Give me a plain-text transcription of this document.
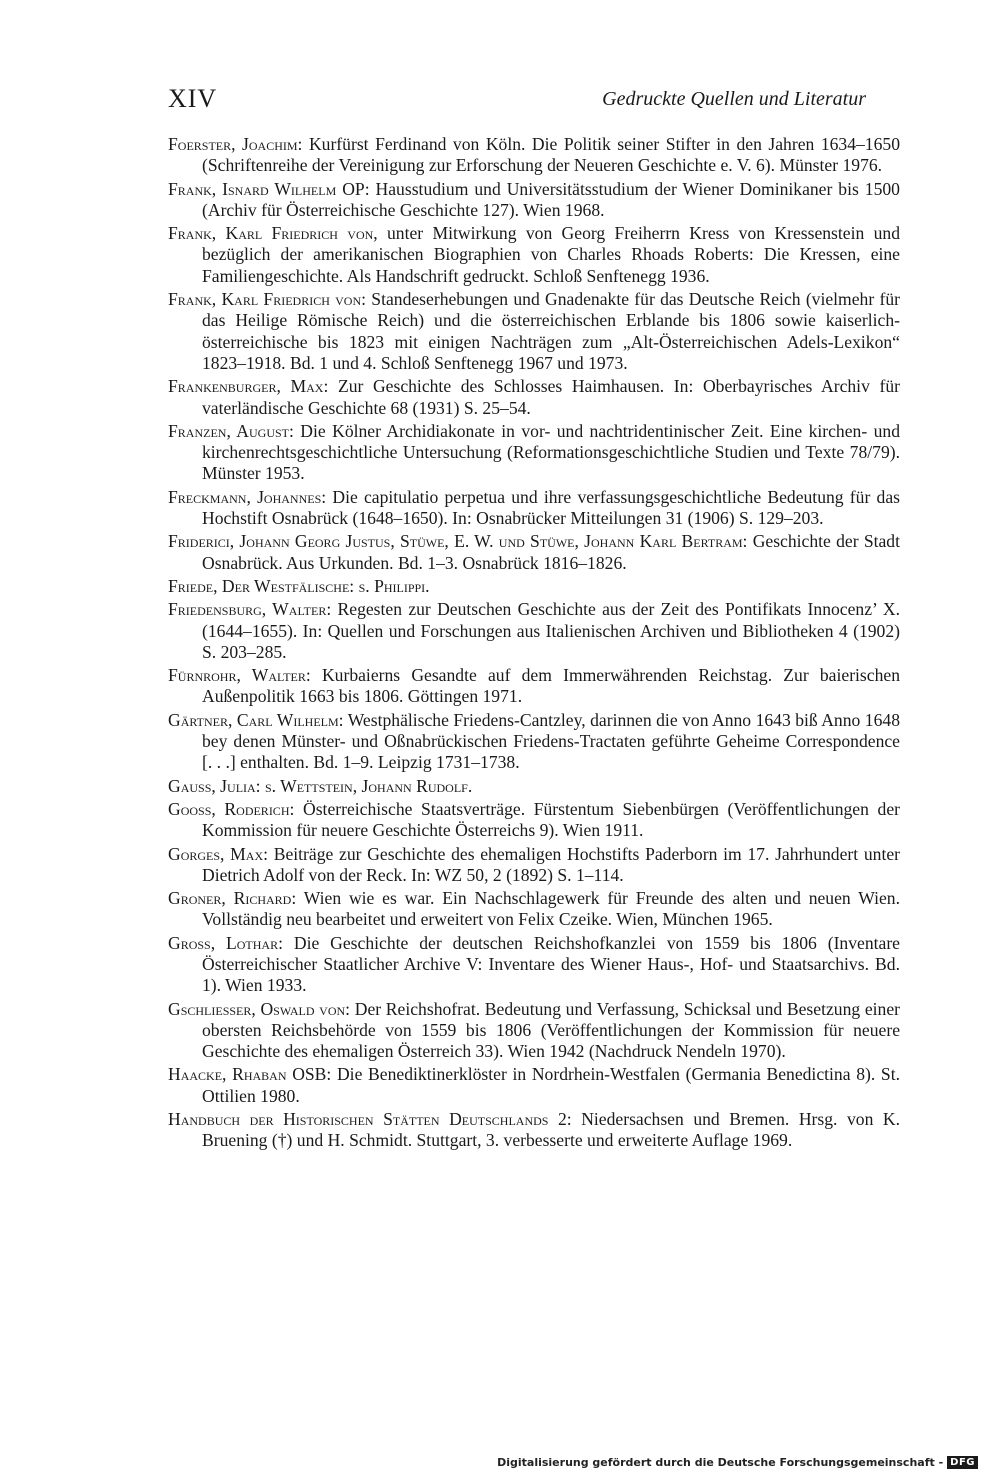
XIV	Gedruckte Quellen und Literatur

Foerster, Joachim: Kurfürst Ferdinand von Köln. Die Politik seiner Stifter in den Jahren 1634–1650 (Schriftenreihe der Vereinigung zur Erforschung der Neueren Geschichte e. V. 6). Münster 1976.

Frank, Isnard Wilhelm OP: Hausstudium und Universitätsstudium der Wiener Dominikaner bis 1500 (Archiv für Österreichische Geschichte 127). Wien 1968.

Frank, Karl Friedrich von, unter Mitwirkung von Georg Freiherrn Kress von Kressenstein und bezüglich der amerikanischen Biographien von Charles Rhoads Roberts: Die Kressen, eine Familiengeschichte. Als Handschrift gedruckt. Schloß Senftenegg 1936.

Frank, Karl Friedrich von: Standeserhebungen und Gnadenakte für das Deutsche Reich (vielmehr für das Heilige Römische Reich) und die österreichischen Erblande bis 1806 sowie kaiserlich-österreichische bis 1823 mit einigen Nachträgen zum „Alt-Österreichischen Adels-Lexikon“ 1823–1918. Bd. 1 und 4. Schloß Senftenegg 1967 und 1973.

Frankenburger, Max: Zur Geschichte des Schlosses Haimhausen. In: Oberbayrisches Archiv für vaterländische Geschichte 68 (1931) S. 25–54.

Franzen, August: Die Kölner Archidiakonate in vor- und nachtridentinischer Zeit. Eine kirchen- und kirchenrechtsgeschichtliche Untersuchung (Reformationsgeschichtliche Studien und Texte 78/79). Münster 1953.

Freckmann, Johannes: Die capitulatio perpetua und ihre verfassungsgeschichtliche Bedeutung für das Hochstift Osnabrück (1648–1650). In: Osnabrücker Mitteilungen 31 (1906) S. 129–203.

Friderici, Johann Georg Justus, Stüwe, E. W. und Stüwe, Johann Karl Bertram: Geschichte der Stadt Osnabrück. Aus Urkunden. Bd. 1–3. Osnabrück 1816–1826.

Friede, Der Westfälische: s. Philippi.

Friedensburg, Walter: Regesten zur Deutschen Geschichte aus der Zeit des Pontifikats Innocenz’ X. (1644–1655). In: Quellen und Forschungen aus Italienischen Archiven und Bibliotheken 4 (1902) S. 203–285.

Fürnrohr, Walter: Kurbaierns Gesandte auf dem Immerwährenden Reichstag. Zur baierischen Außenpolitik 1663 bis 1806. Göttingen 1971.

Gärtner, Carl Wilhelm: Westphälische Friedens-Cantzley, darinnen die von Anno 1643 biß Anno 1648 bey denen Münster- und Oßnabrückischen Friedens-Tractaten geführte Geheime Correspondence [. . .] enthalten. Bd. 1–9. Leipzig 1731–1738.

Gauss, Julia: s. Wettstein, Johann Rudolf.

Gooss, Roderich: Österreichische Staatsverträge. Fürstentum Siebenbürgen (Veröffentlichungen der Kommission für neuere Geschichte Österreichs 9). Wien 1911.

Gorges, Max: Beiträge zur Geschichte des ehemaligen Hochstifts Paderborn im 17. Jahrhundert unter Dietrich Adolf von der Reck. In: WZ 50, 2 (1892) S. 1–114.

Groner, Richard: Wien wie es war. Ein Nachschlagewerk für Freunde des alten und neuen Wien. Vollständig neu bearbeitet und erweitert von Felix Czeike. Wien, München 1965.

Gross, Lothar: Die Geschichte der deutschen Reichshofkanzlei von 1559 bis 1806 (Inventare Österreichischer Staatlicher Archive V: Inventare des Wiener Haus-, Hof- und Staatsarchivs. Bd. 1). Wien 1933.

Gschliesser, Oswald von: Der Reichshofrat. Bedeutung und Verfassung, Schicksal und Besetzung einer obersten Reichsbehörde von 1559 bis 1806 (Veröffentlichungen der Kommission für neuere Geschichte des ehemaligen Österreich 33). Wien 1942 (Nachdruck Nendeln 1970).

Haacke, Rhaban OSB: Die Benediktinerklöster in Nordrhein-Westfalen (Germania Benedictina 8). St. Ottilien 1980.

Handbuch der Historischen Stätten Deutschlands 2: Niedersachsen und Bremen. Hrsg. von K. Bruening (†) und H. Schmidt. Stuttgart, 3. verbesserte und erweiterte Auflage 1969.

Digitalisierung gefördert durch die Deutsche Forschungsgemeinschaft - DFG
